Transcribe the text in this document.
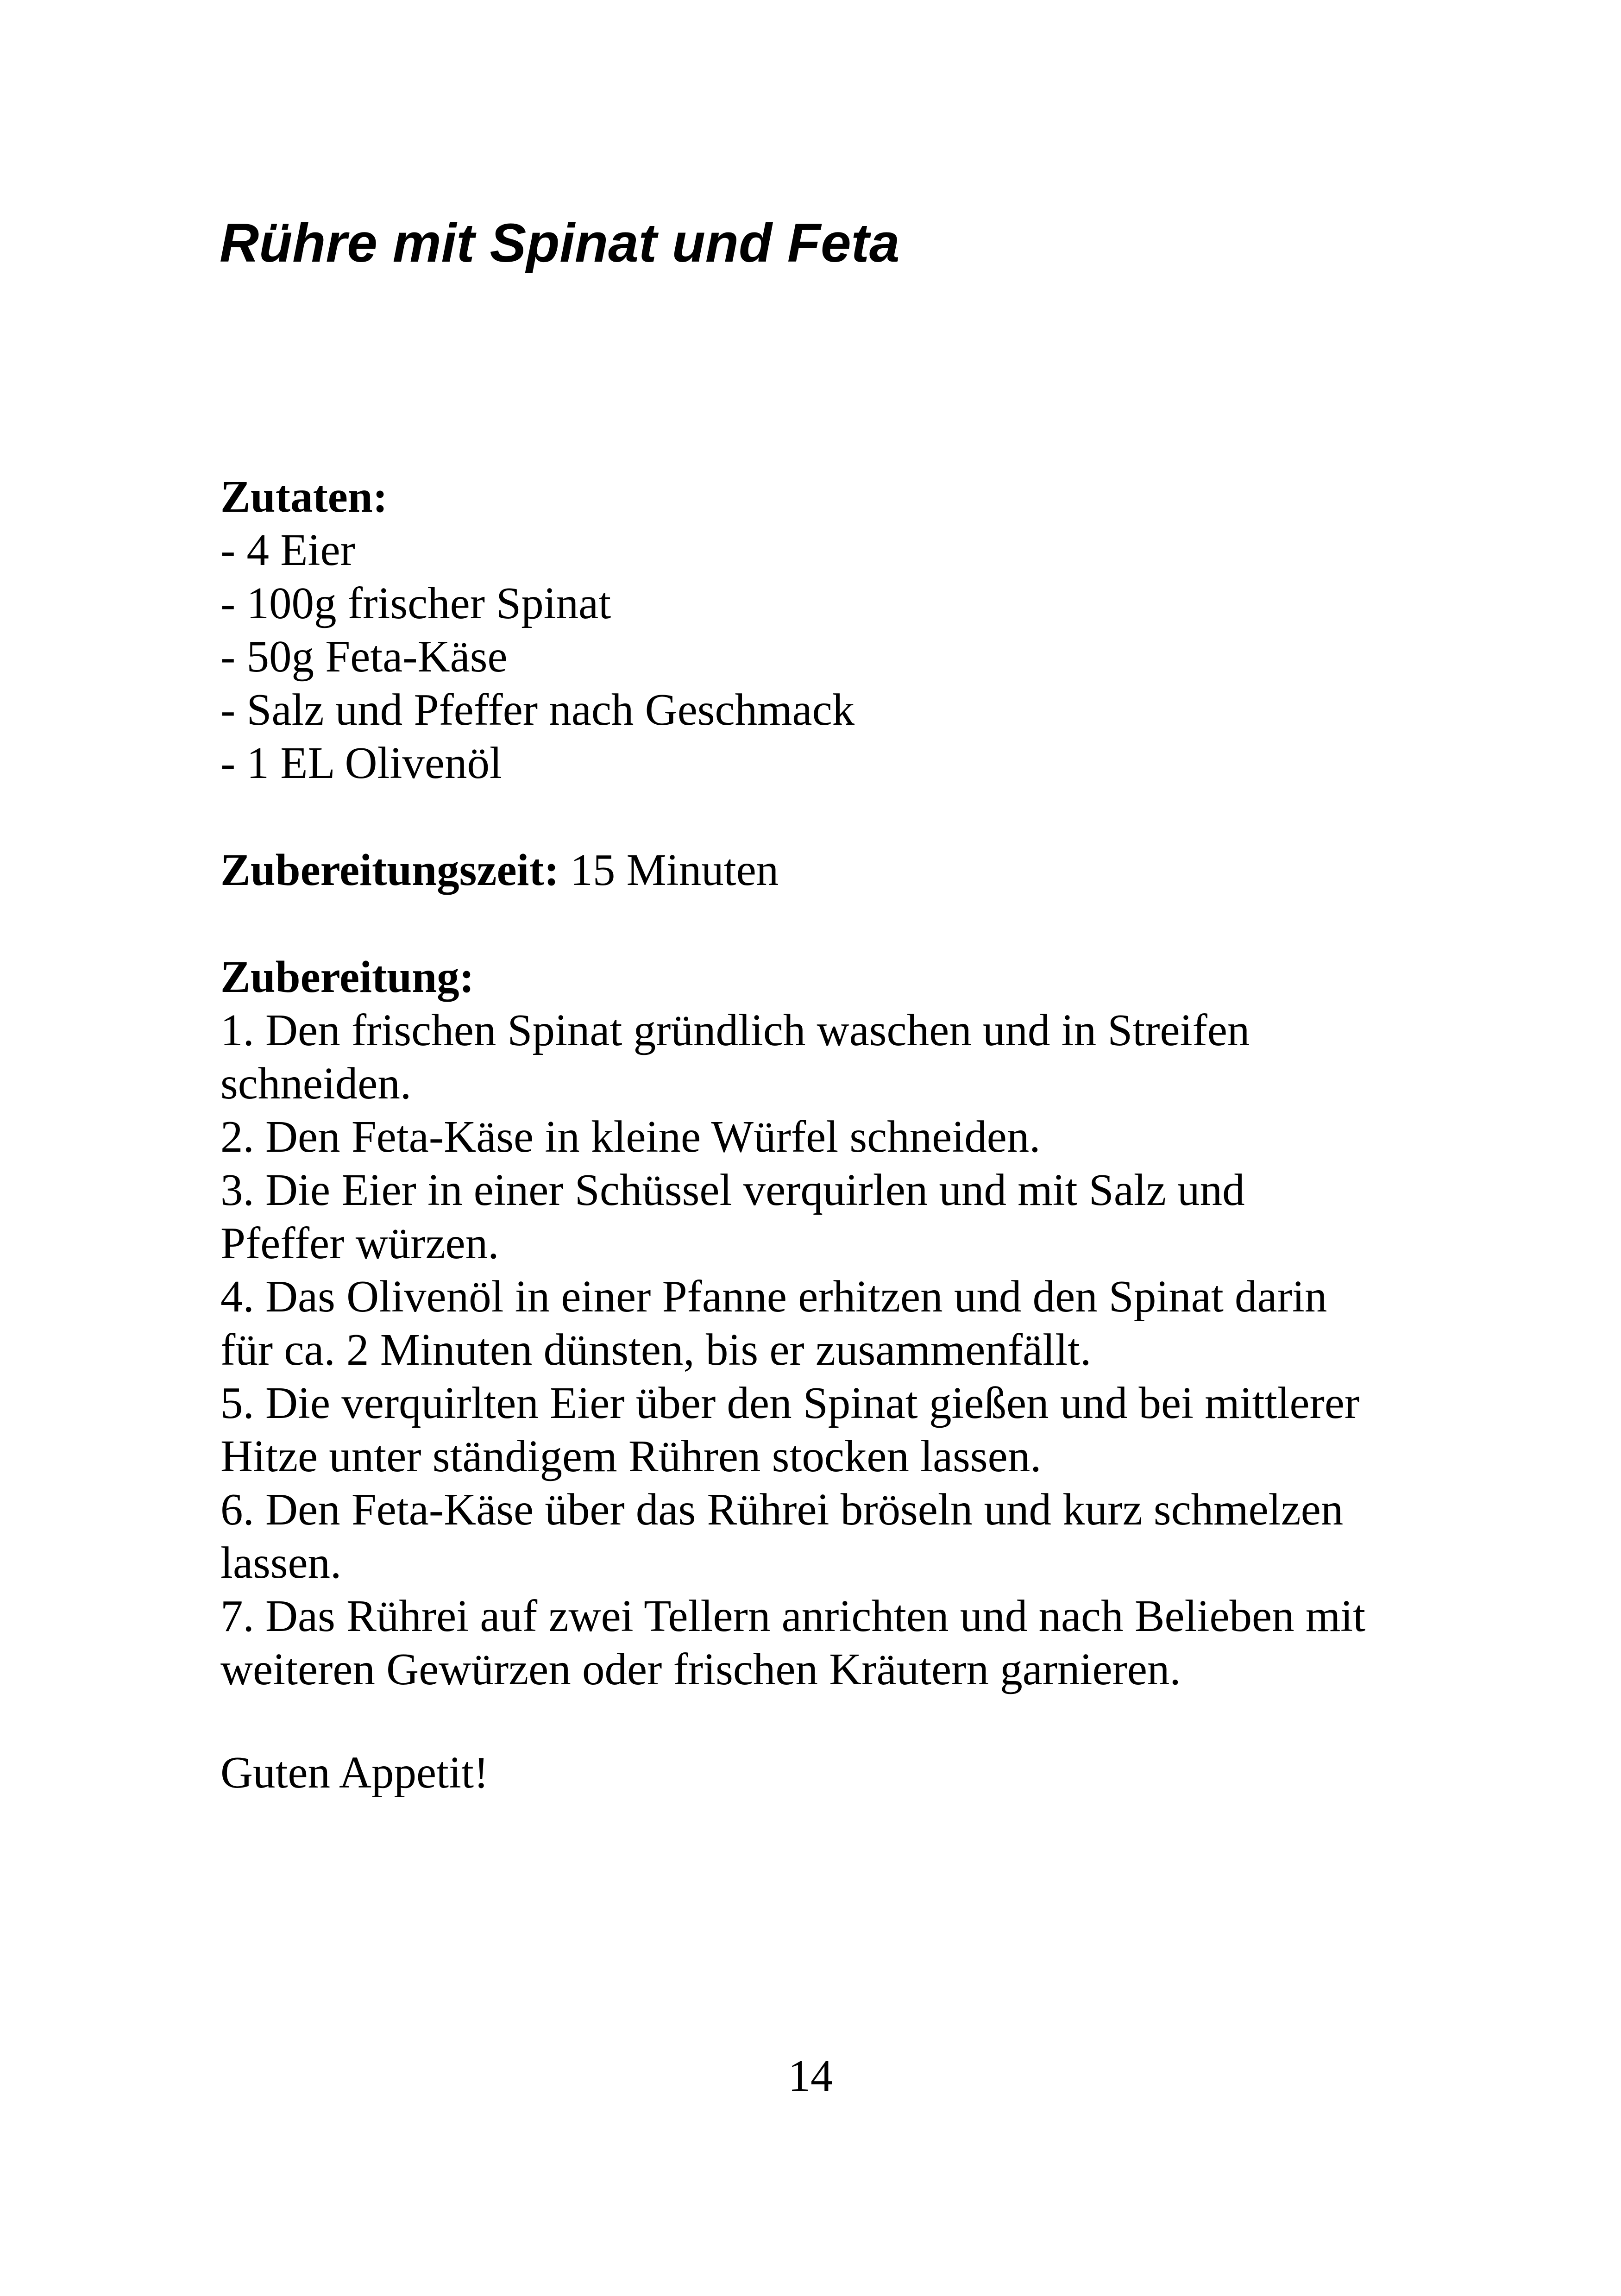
Rühre mit Spinat und Feta
Zutaten:
- 4 Eier
- 100g frischer Spinat
- 50g Feta-Käse
- Salz und Pfeffer nach Geschmack
- 1 EL Olivenöl
Zubereitungszeit: 15 Minuten
Zubereitung:
1. Den frischen Spinat gründlich waschen und in Streifen
schneiden.
2. Den Feta-Käse in kleine Würfel schneiden.
3. Die Eier in einer Schüssel verquirlen und mit Salz und
Pfeffer würzen.
4. Das Olivenöl in einer Pfanne erhitzen und den Spinat darin
für ca. 2 Minuten dünsten, bis er zusammenfällt.
5. Die verquirlten Eier über den Spinat gießen und bei mittlerer
Hitze unter ständigem Rühren stocken lassen.
6. Den Feta-Käse über das Rührei bröseln und kurz schmelzen
lassen.
7. Das Rührei auf zwei Tellern anrichten und nach Belieben mit
weiteren Gewürzen oder frischen Kräutern garnieren.
Guten Appetit!
14
